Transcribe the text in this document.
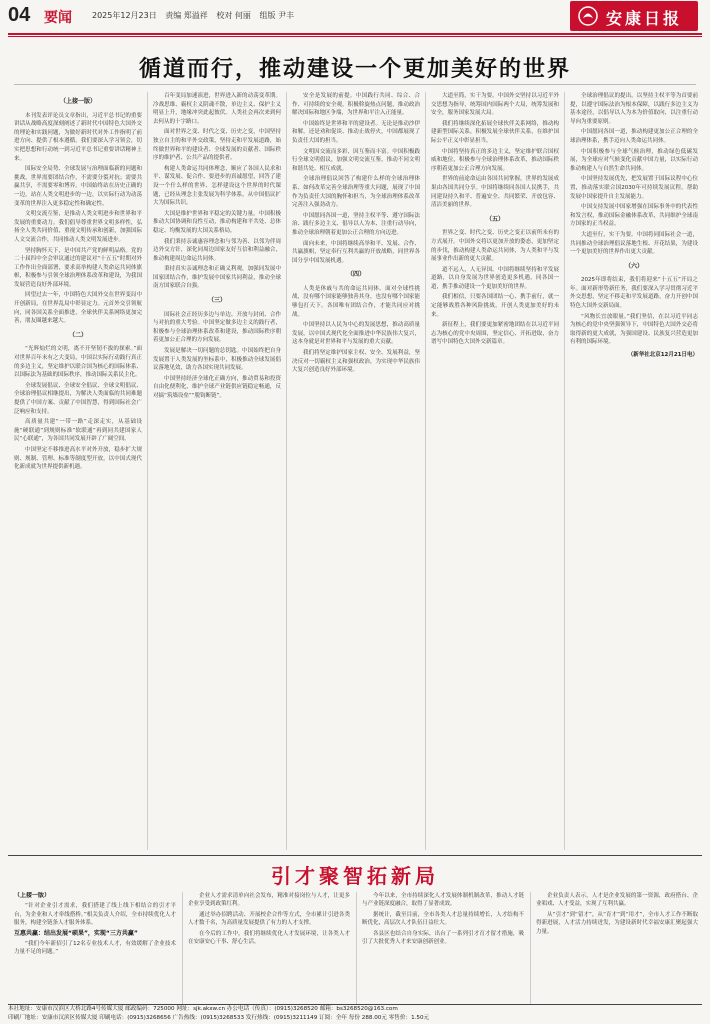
04 要闻	2025年12月23日 责编 郑溢祥 校对 何丽 组版 尹丰	安康日报
循道而行，推动建设一个更加美好的世界

（上接一版）

本刊发表评论员文章指出，习近平总书记的重要讲话从战略高度深刻阐述了新时代中国特色大国外交的理论和实践问题，为做好新时代对外工作指明了前进方向、提供了根本遵循。我们要深入学习领会，切实把思想和行动统一到习近平总书记重要讲话精神上来。

国际安全局势、全球发展与治理面临新的问题和挑战，世界需要团结合作，不需要分裂对抗；需要共赢共享，不需要零和博弈。中国始终站在历史正确的一边，站在人类文明进步的一边，以实际行动为动荡变革的世界注入更多稳定性和确定性。

文明交流互鉴，是推动人类文明进步和世界和平发展的重要动力。我们倡导尊重世界文明多样性，弘扬全人类共同价值，重视文明传承和创新，加强国际人文交流合作，共同推动人类文明发展进步。

坚持胸怀天下，是中国共产党的鲜明品格。党的二十届四中全会审议通过的建议对“十五五”时期对外工作作出全面部署，要求高举构建人类命运共同体旗帜，积极参与引领全球治理体系改革和建设，为我国发展营造良好外部环境。

回望过去一年，中国特色大国外交在世界变局中开创新局，在世界乱局中彰显定力。元首外交引领航向，同各国关系全面推进，全球伙伴关系网络更加完善，朋友圈越来越大。

（二）

“光辉灿烂的文明，离不开坚韧不拔的探索。”面对世界百年未有之大变局，中国以实际行动践行真正的多边主义，坚定维护以联合国为核心的国际体系、以国际法为基础的国际秩序，推动国际关系民主化。

全球发展倡议、全球安全倡议、全球文明倡议、全球治理倡议相继提出，为解决人类面临的共同难题提供了中国方案、贡献了中国智慧，得到国际社会广泛响应和支持。

高质量共建“一带一路”走深走实，从基础设施“硬联通”到规则标准“软联通”再到同共建国家人民“心联通”，为各国共同发展开辟了广阔空间。

中国坚定不移推进高水平对外开放，稳步扩大规则、规制、管理、标准等制度型开放，以中国式现代化新成就为世界提供新机遇。

百年变局加速演进，世界进入新的动荡变革期。冷战思维、霸权主义阴魂不散，单边主义、保护主义明显上升，地缘冲突此起彼伏。人类社会再次来到何去何从的十字路口。

面对世界之变、时代之变、历史之变，中国坚持独立自主的和平外交政策，坚持走和平发展道路，始终做世界和平的建设者、全球发展的贡献者、国际秩序的维护者、公共产品的提供者。

构建人类命运共同体理念，顺应了各国人民求和平、谋发展、促合作、要进步的真诚愿望，回答了建设一个什么样的世界、怎样建设这个世界的时代课题，已经从理念主张发展为科学体系，从中国倡议扩大为国际共识。

大国是维护世界和平稳定的关键力量。中国积极推动大国协调和良性互动，推动构建和平共处、总体稳定、均衡发展的大国关系格局。

我们秉持亲诚惠容理念和与邻为善、以邻为伴周边外交方针，深化同周边国家友好互信和利益融合，推动构建周边命运共同体。

秉持真实亲诚理念和正确义利观，加强同发展中国家团结合作，维护发展中国家共同利益，推动全球南方国家联合自强。

（三）

国际社会正经历多边与单边、开放与封闭、合作与对抗的重大考验。中国坚定做多边主义的践行者，积极参与全球治理体系改革和建设，推动国际秩序朝着更加公正合理的方向发展。

发展是解决一切问题的总钥匙。中国始终把自身发展置于人类发展的坐标系中，积极推动全球发展倡议落地见效，助力各国实现共同发展。

中国坚持经济全球化正确方向，推动贸易和投资自由化便利化，维护全球产业链供应链稳定畅通，反对搞“筑墙设垒”“脱钩断链”。

安全是发展的前提。中国践行共同、综合、合作、可持续的安全观，积极斡旋热点问题，推动政治解决国际和地区争端，为世界和平注入正能量。

中国始终是世界和平的建设者。无论是推动沙伊和解，还是劝和促谈、推动止战停火，中国都展现了负责任大国的担当。

文明因交流而多彩，因互鉴而丰富。中国积极践行全球文明倡议，加强文明交流互鉴，推动不同文明和谐共处、相互成就。

全球治理倡议回答了构建什么样的全球治理体系、如何改革完善全球治理等重大问题，展现了中国作为负责任大国的胸怀和担当，为全球治理体系改革完善注入强劲动力。

中国愿同各国一道，坚持主权平等、遵守国际法治、践行多边主义、倡导以人为本、注重行动导向，推动全球治理朝着更加公正合理的方向迈进。

面向未来，中国将继续高举和平、发展、合作、共赢旗帜，坚定奉行互利共赢的开放战略，同世界各国分享中国发展机遇。

（四）

人类是休戚与共的命运共同体。面对全球性挑战，没有哪个国家能够独善其身，也没有哪个国家能够包打天下。各国唯有团结合作，才能共同应对挑战。

中国坚持以人民为中心的发展思想，推动高质量发展，以中国式现代化全面推进中华民族伟大复兴，这本身就是对世界和平与发展的重大贡献。

我们将坚定维护国家主权、安全、发展利益，坚决反对一切霸权主义和强权政治，为实现中华民族伟大复兴创造良好外部环境。

大道至简，实干为要。中国外交坚持以习近平外交思想为指导，统筹国内国际两个大局，统筹发展和安全，服务国家发展大局。

我们将继续深化拓展全球伙伴关系网络，推动构建新型国际关系，积极发展全球伙伴关系，在维护国际公平正义中彰显担当。

中国将坚持真正的多边主义，坚定维护联合国权威和地位，积极参与全球治理体系改革，推动国际秩序朝着更加公正合理方向发展。

世界的前途命运由各国共同掌握，世界的发展成果由各国共同分享。中国将继续同各国人民携手，共同建设持久和平、普遍安全、共同繁荣、开放包容、清洁美丽的世界。

（五）

世界之变、时代之变、历史之变正以前所未有的方式展开。中国外交将以更加开放的姿态，更加坚定的步伐，推动构建人类命运共同体，为人类和平与发展事业作出新的更大贡献。

道不远人，人无异国。中国将继续坚持和平发展道路，以自身发展为世界创造更多机遇，同各国一道，携手推动建设一个更加美好的世界。

我们相信，只要各国团结一心、携手前行，就一定能够战胜各种风险挑战，开创人类更加美好的未来。

新征程上，我们要更加紧密地团结在以习近平同志为核心的党中央周围，坚定信心、开拓进取，奋力谱写中国特色大国外交新篇章。

全球治理倡议的提出，以坚持主权平等为首要前提，以遵守国际法治为根本保障，以践行多边主义为基本途径，以倡导以人为本为价值取向，以注重行动导向为重要原则。

中国愿同各国一道，推动构建更加公正合理的全球治理体系，携手迈向人类命运共同体。

中国积极参与全球气候治理，推动绿色低碳发展，为全球应对气候变化贡献中国力量，以实际行动推动构建人与自然生命共同体。

中国坚持发展优先，把发展置于国际议程中心位置，推动落实联合国2030年可持续发展议程，帮助发展中国家提升自主发展能力。

中国支持发展中国家增强在国际事务中的代表性和发言权，推动国际金融体系改革，共同维护全球南方国家的正当权益。

大道至行，实干为要。中国将同国际社会一道，共同推动全球治理倡议落地生根、开花结果，为建设一个更加美好的世界作出更大贡献。

（六）

2025年即将结束，我们将迎来“十五五”开局之年。面对新形势新任务，我们要深入学习贯彻习近平外交思想，坚定不移走和平发展道路，奋力开创中国特色大国外交新局面。

“风物长宜放眼量。”我们坚信，在以习近平同志为核心的党中央坚强领导下，中国特色大国外交必将取得新的更大成就，为强国建设、民族复兴营造更加有利的国际环境。

（新华社北京12月21日电）

引才聚智拓新局

（上接一版）

“针对企业引才需求，我们搭建了线上线下相结合的引才平台，为企业和人才牵线搭桥。”相关负责人介绍，全市持续优化人才服务，构建全链条人才服务体系。

互惠共赢：结出发展“硕果”，实现“三方共赢”

“我们今年新招引了12名专业技术人才，有效缓解了企业技术力量不足的问题。”

企业人才需求清单向社会发布，精准对接岗位与人才，让更多企业享受到政策红利。

通过举办招聘活动、开展校企合作等方式，全市累计引进各类人才数千名，为高质量发展提供了有力的人才支撑。

在今后的工作中，我们将继续优化人才发展环境，让各类人才在安康安心干事、舒心生活。

今年以来，全市持续深化人才发展体制机制改革，推动人才链与产业链深度融合，取得了显著成效。

据统计，截至目前，全市各类人才总量持续增长，人才结构不断优化，高层次人才队伍日益壮大。

各县区也结合自身实际，出台了一系列引才育才留才措施，吸引了大批优秀人才来安康创新创业。

企业负责人表示，人才是企业发展的第一资源，政府搭台、企业唱戏、人才受益，实现了互利共赢。

从“引才”到“留才”，从“育才”到“用才”，全市人才工作不断取得新进展，人才活力持续迸发，为建设新时代幸福安康汇聚起强大力量。

本社地址：安康市汉滨区大桥北路4号传媒大厦 邮政编码：725000 网址：sjk.akxw.cn 办公电话（传真）：(0915)3268520 邮箱：bs3268520@163.com
印刷厂地址：安康市汉滨区传媒大厦 印刷电话：(0915)3268656 广告热线：(0915)3268533 发行热线：(0915)3211149 订阅：全年 每份 288.00元 零售价：1.50元
